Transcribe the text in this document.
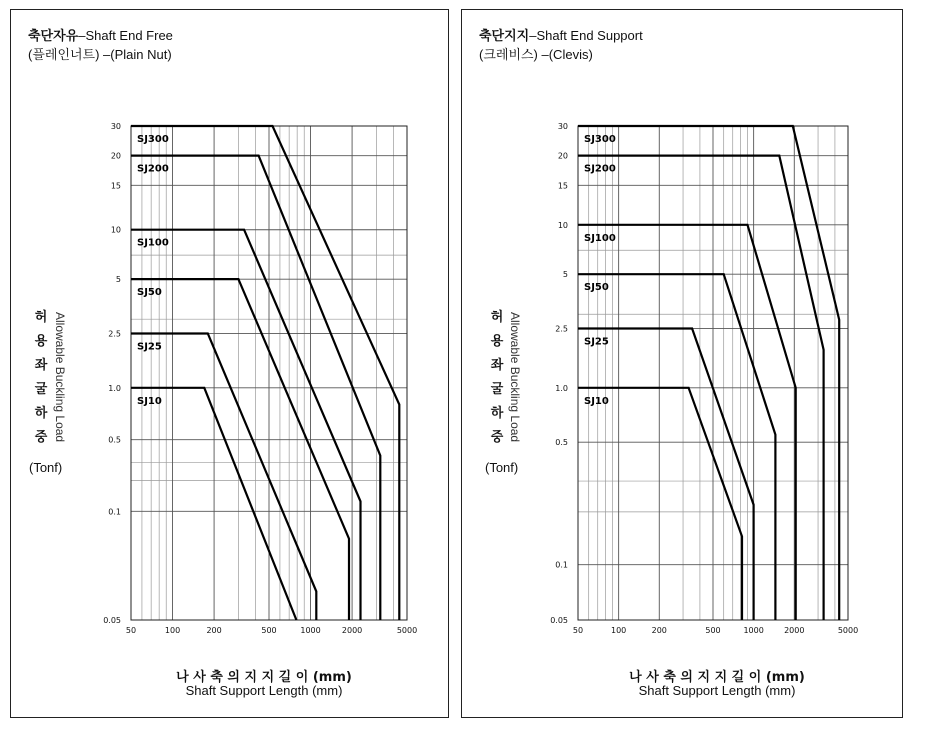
축단자유–Shaft End Free
(플레인너트) –(Plain Nut)
허
용
좌
굴
하
중
(Tonf)
Allowable Buckling Load
나 사 축 의 지 지 길 이 (mm)
Shaft Support Length (mm)
축단지지–Shaft End Support
(크레비스) –(Clevis)
허
용
좌
굴
하
중
(Tonf)
Allowable Buckling Load
나 사 축 의 지 지 길 이 (mm)
Shaft Support Length (mm)
50	100	200	500	1000	2000	5000
0.05
0.1
0.5
1.0
2.5
5
10
15
20
30
SJ10
SJ25
SJ50
SJ100
SJ200
SJ300
50	100	200	500	1000	2000	5000
0.05
0.1
0.5
1.0
2.5
5
10
15
20
30
SJ10
SJ25
SJ50
SJ100
SJ200
SJ300
